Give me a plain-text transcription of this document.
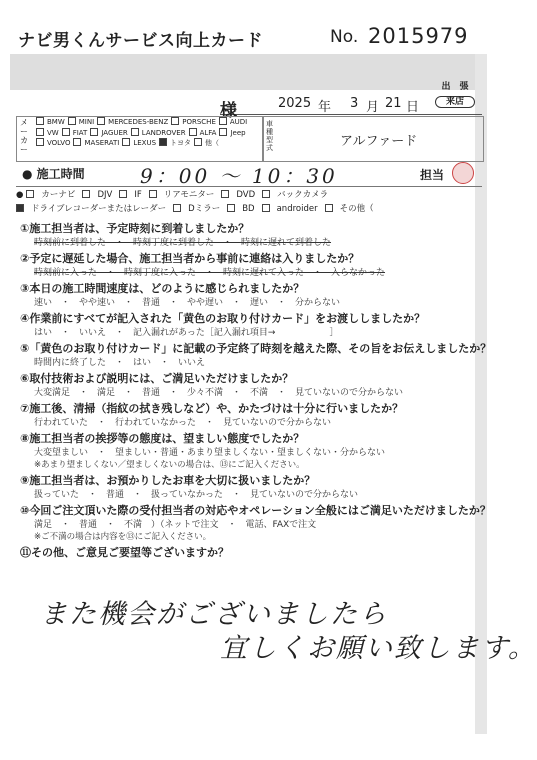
ナビ男くんサービス向上カード	No. 2015979
出　張
来店
様	2025 年 3 月 21 日
メーカー
BMW MINI MERCEDES-BENZ PORSCHE AUDIVW FIAT JAGUER LANDROVER ALFA JeepVOLVO MASERATI LEXUS トヨタ 他（
車種型式	アルファード
● 施工時間	9：00 〜 10：30	担当
● カーナビ	DJV	IF	リアモニター	DVD	バックカメラドライブレコーダーまたはレーダー	Dミラー	BD	androider	その他（
①施工担当者は、予定時刻に到着しましたか？
時刻前に到着した　・　時刻丁度に到着した　・　時刻に遅れて到着した
②予定に遅延した場合、施工担当者から事前に連絡は入りましたか？
時刻前に入った　・　時刻丁度に入った　・　時刻に遅れて入った　・　入らなかった
③本日の施工時間速度は、どのように感じられましたか？
速い　・　やや速い　・　普通　・　やや遅い　・　遅い　・　分からない
④作業前にすべてが記入された「黄色のお取り付けカード」をお渡ししましたか？
はい　・　いいえ　・　記入漏れがあった［記入漏れ項目→　　　　　　］
⑤「黄色のお取り付けカード」に記載の予定終了時刻を越えた際、その旨をお伝えしましたか？
時間内に終了した　・　はい　・　いいえ
⑥取付技術および説明には、ご満足いただけましたか？
大変満足　・　満足　・　普通　・　少々不満　・　不満　・　見ていないので分からない
⑦施工後、清掃（指紋の拭き残しなど）や、かたづけは十分に行いましたか？
行われていた　・　行われていなかった　・　見ていないので分からない
⑧施工担当者の挨拶等の態度は、望ましい態度でしたか？
大変望ましい　・　望ましい・普通・あまり望ましくない・望ましくない・分からない
※あまり望ましくない／望ましくないの場合は、⑬にご記入ください。
⑨施工担当者は、お預かりしたお車を大切に扱いましたか？
扱っていた　・　普通　・　扱っていなかった　・　見ていないので分からない
⑩今回ご注文頂いた際の受付担当者の対応やオペレーション全般にはご満足いただけましたか？
満足　・　普通　・　不満　）（ネットで注文　・　電話、FAXで注文
※ご不満の場合は内容を⑬にご記入ください。
⑪その他、ご意見ご要望等ございますか？
また機会がございましたら
宜しくお願い致します。
